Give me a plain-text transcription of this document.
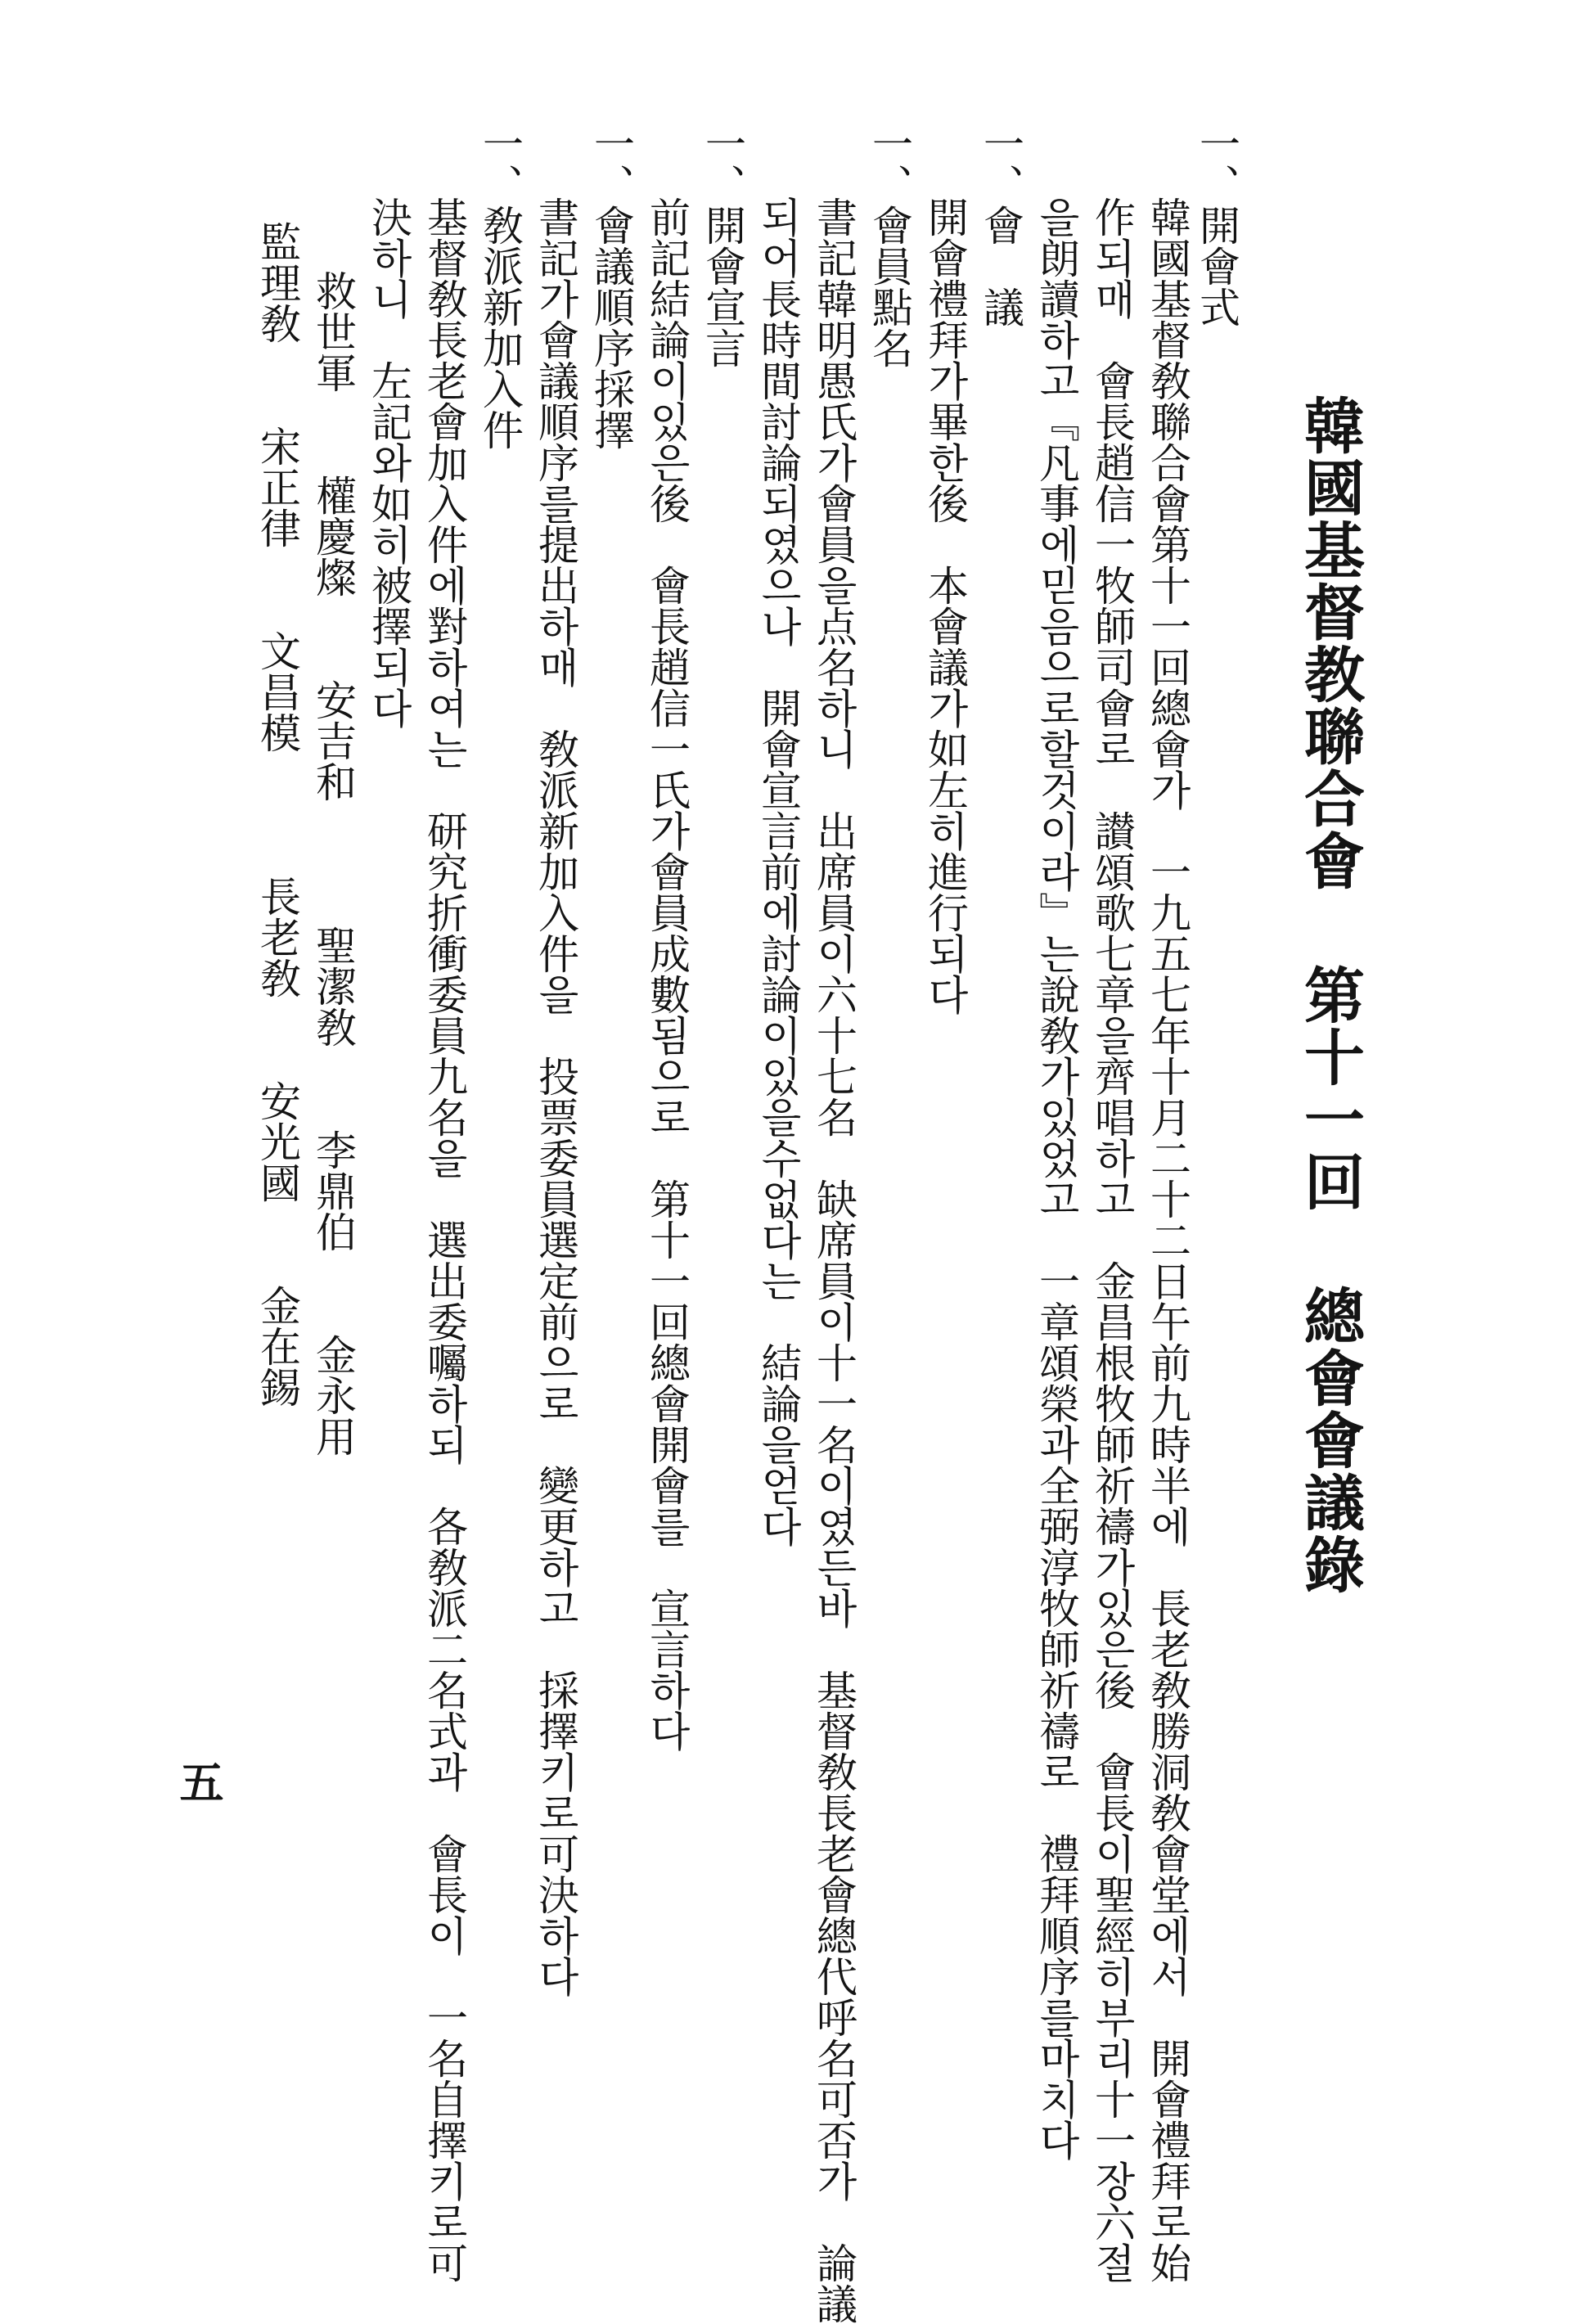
韓國基督教聯合會 第十一回 總會會議錄
一、開會式
韓國基督敎聯合會第十一回總會가　一九五七年十月二十二日午前九時半에　長老敎勝洞敎會堂에서　開會禮拜로始
作되매　會長趙信一牧師司會로　讃頌歌七章을齊唱하고　金昌根牧師祈禱가있은後　會長이聖經히부리十一장六절
을朗讀하고『凡事에믿음으로할것이라』는說敎가있었고　一章頌榮과全弼淳牧師祈禱로　禮拜順序를마치다
一、會　議
開會禮拜가畢한後　本會議가如左히進行되다
一、會員點名
書記韓明愚氏가會員을点名하니　出席員이六十七名　缺席員이十一名이였든바　基督敎長老會總代呼名可否가　論議
되어長時間討論되였으나　開會宣言前에討論이있을수없다는　結論을얻다
一、開會宣言
前記結論이있은後　會長趙信一氏가會員成數됨으로　第十一回總會開會를　宣言하다
一、會議順序採擇
書記가會議順序를提出하매　敎派新加入件을　投票委員選定前으로　變更하고　採擇키로可決하다
一、敎派新加入件
基督敎長老會加入件에對하여는　研究折衝委員九名을　選出委囑하되　各敎派二名式과　會長이　一名自擇키로可
決하니　左記와如히被擇되다
救世軍　　權慶燦　　安吉和　　　聖潔敎　　李鼎伯　　金永用
監理敎　　宋正律　　文昌模　　　長老敎　　安光國　　金在錫
五
